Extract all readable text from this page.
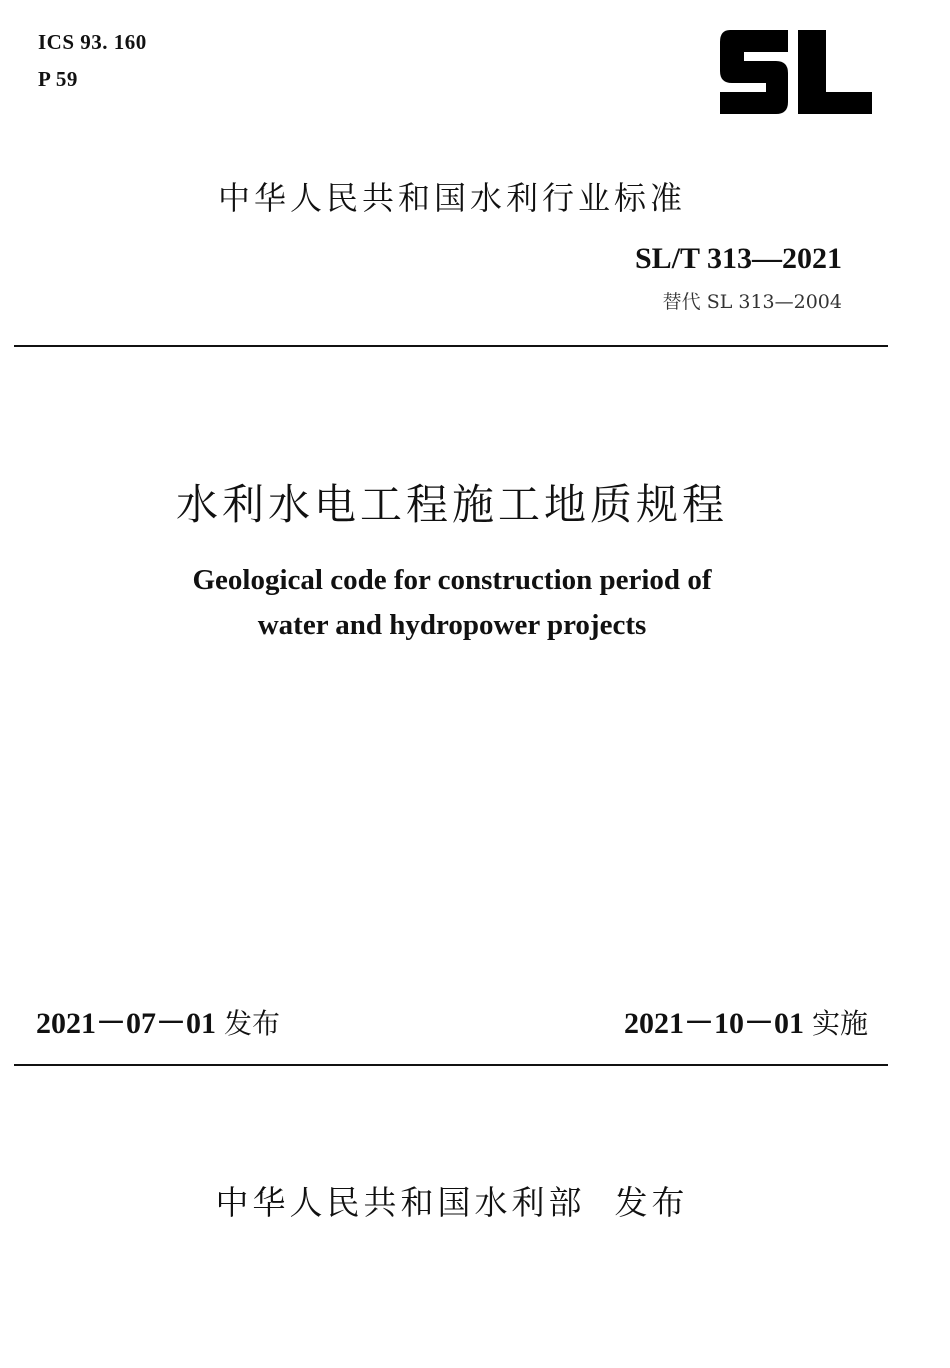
ICS 93. 160
P 59
中华人民共和国水利行业标准
SL/T 313—2021
替代 SL 313—2004
水利水电工程施工地质规程
Geological code for construction period of
water and hydropower projects
2021－07－01 发布	2021－10－01 实施
中华人民共和国水利部  发布
